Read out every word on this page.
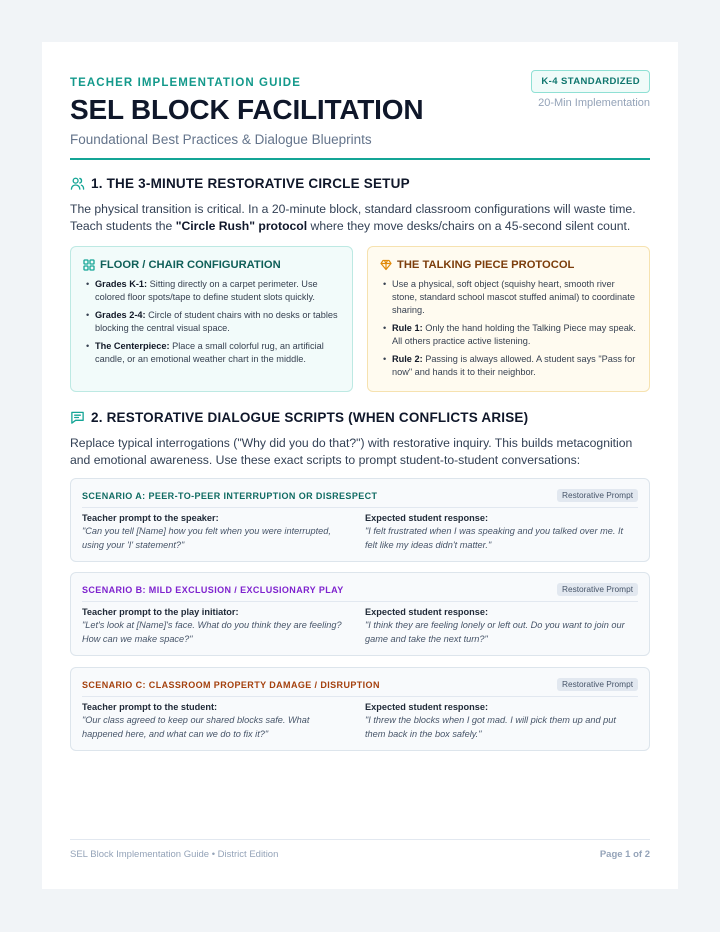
TEACHER IMPLEMENTATION GUIDE
SEL BLOCK FACILITATION
Foundational Best Practices & Dialogue Blueprints
K-4 STANDARDIZED
20-Min Implementation
1. THE 3-MINUTE RESTORATIVE CIRCLE SETUP
The physical transition is critical. In a 20-minute block, standard classroom configurations will waste time. Teach students the "Circle Rush" protocol where they move desks/chairs on a 45-second silent count.
FLOOR / CHAIR CONFIGURATION
• Grades K-1: Sitting directly on a carpet perimeter. Use colored floor spots/tape to define student slots quickly.
• Grades 2-4: Circle of student chairs with no desks or tables blocking the central visual space.
• The Centerpiece: Place a small colorful rug, an artificial candle, or an emotional weather chart in the middle.
THE TALKING PIECE PROTOCOL
• Use a physical, soft object (squishy heart, smooth river stone, standard school mascot stuffed animal) to coordinate sharing.
• Rule 1: Only the hand holding the Talking Piece may speak. All others practice active listening.
• Rule 2: Passing is always allowed. A student says "Pass for now" and hands it to their neighbor.
2. RESTORATIVE DIALOGUE SCRIPTS (WHEN CONFLICTS ARISE)
Replace typical interrogations ("Why did you do that?") with restorative inquiry. This builds metacognition and emotional awareness. Use these exact scripts to prompt student-to-student conversations:
SCENARIO A: PEER-TO-PEER INTERRUPTION OR DISRESPECT	Restorative Prompt
Teacher prompt to the speaker:
"Can you tell [Name] how you felt when you were interrupted, using your 'I' statement?"
Expected student response:
"I felt frustrated when I was speaking and you talked over me. It felt like my ideas didn't matter."
SCENARIO B: MILD EXCLUSION / EXCLUSIONARY PLAY	Restorative Prompt
Teacher prompt to the play initiator:
"Let's look at [Name]'s face. What do you think they are feeling? How can we make space?"
Expected student response:
"I think they are feeling lonely or left out. Do you want to join our game and take the next turn?"
SCENARIO C: CLASSROOM PROPERTY DAMAGE / DISRUPTION	Restorative Prompt
Teacher prompt to the student:
"Our class agreed to keep our shared blocks safe. What happened here, and what can we do to fix it?"
Expected student response:
"I threw the blocks when I got mad. I will pick them up and put them back in the box safely."
SEL Block Implementation Guide • District Edition	Page 1 of 2
